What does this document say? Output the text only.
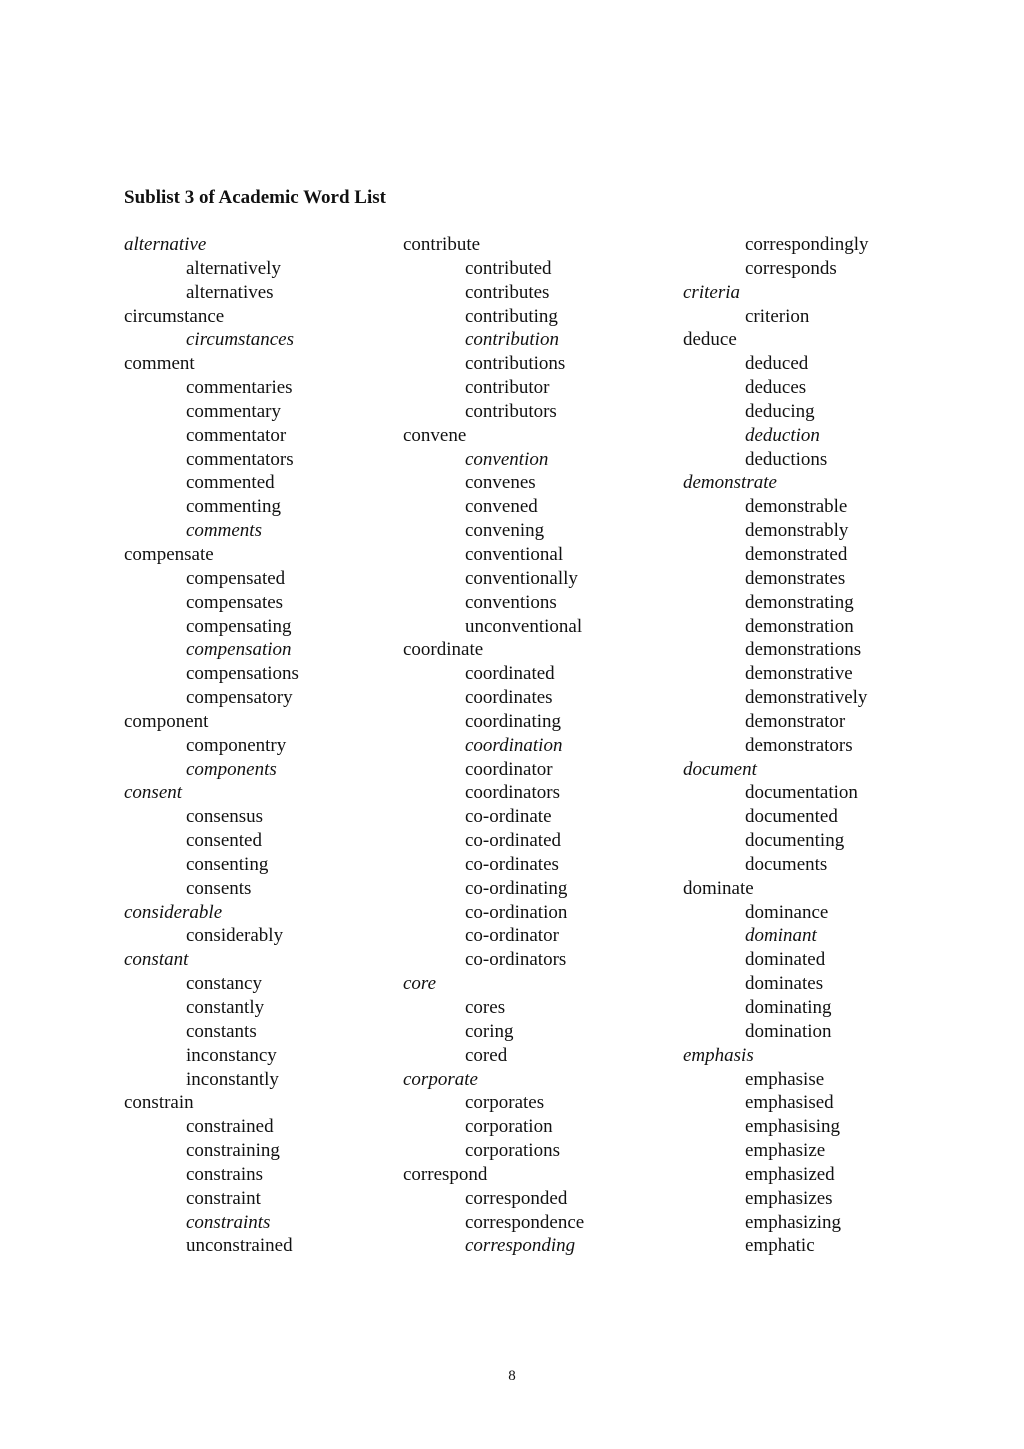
Sublist 3 of Academic Word List
alternative
alternatively
alternatives
circumstance
circumstances
comment
commentaries
commentary
commentator
commentators
commented
commenting
comments
compensate
compensated
compensates
compensating
compensation
compensations
compensatory
component
componentry
components
consent
consensus
consented
consenting
consents
considerable
considerably
constant
constancy
constantly
constants
inconstancy
inconstantly
constrain
constrained
constraining
constrains
constraint
constraints
unconstrained
contribute
contributed
contributes
contributing
contribution
contributions
contributor
contributors
convene
convention
convenes
convened
convening
conventional
conventionally
conventions
unconventional
coordinate
coordinated
coordinates
coordinating
coordination
coordinator
coordinators
co-ordinate
co-ordinated
co-ordinates
co-ordinating
co-ordination
co-ordinator
co-ordinators
core
cores
coring
cored
corporate
corporates
corporation
corporations
correspond
corresponded
correspondence
corresponding
correspondingly
corresponds
criteria
criterion
deduce
deduced
deduces
deducing
deduction
deductions
demonstrate
demonstrable
demonstrably
demonstrated
demonstrates
demonstrating
demonstration
demonstrations
demonstrative
demonstratively
demonstrator
demonstrators
document
documentation
documented
documenting
documents
dominate
dominance
dominant
dominated
dominates
dominating
domination
emphasis
emphasise
emphasised
emphasising
emphasize
emphasized
emphasizes
emphasizing
emphatic
8
